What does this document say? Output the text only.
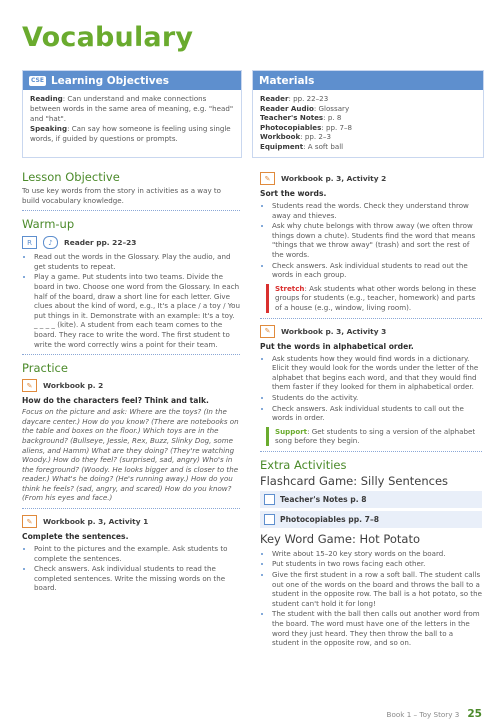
Vocabulary
CSE Learning Objectives
Reading: Can understand and make connections between words in the same area of meaning, e.g. "head" and "hat".
Speaking: Can say how someone is feeling using single words, if guided by questions or prompts.
Materials
Reader: pp. 22–23
Reader Audio: Glossary
Teacher's Notes: p. 8
Photocopiables: pp. 7–8
Workbook: pp. 2–3
Equipment: A soft ball
Lesson Objective
To use key words from the story in activities as a way to build vocabulary knowledge.
Warm-up
R	♪	Reader pp. 22–23
• Read out the words in the Glossary. Play the audio, and get students to repeat.
• Play a game. Put students into two teams. Divide the board in two. Choose one word from the Glossary. In each half of the board, draw a short line for each letter. Give clues about the kind of word, e.g., It's a place / a toy / You put things in it. Demonstrate with an example: It's a toy. _ _ _ _ (kite). A student from each team comes to the board. They race to write the word. The first student to write the word correctly wins a point for their team.
Practice
✎	Workbook p. 2
How do the characters feel? Think and talk.
Focus on the picture and ask: Where are the toys? (In the daycare center.) How do you know? (There are notebooks on the table and boxes on the floor.) Which toys are in the background? (Bullseye, Jessie, Rex, Buzz, Slinky Dog, some aliens, and Hamm) What are they doing? (They're watching Woody.) How do they feel? (surprised, sad, angry) Who's in the foreground? (Woody. He looks bigger and is closer to the reader.) What's he doing? (He's running away.) How do you think he feels? (sad, angry, and scared) How do you know? (From his eyes and face.)
✎	Workbook p. 3, Activity 1
Complete the sentences.
• Point to the pictures and the example. Ask students to complete the sentences.
• Check answers. Ask individual students to read the completed sentences. Write the missing words on the board.
✎	Workbook p. 3, Activity 2
Sort the words.
• Students read the words. Check they understand throw away and thieves.
• Ask why chute belongs with throw away (we often throw things down a chute). Students find the word that means "things that we throw away" (trash) and sort the rest of the words.
• Check answers. Ask individual students to read out the words in each group.
Stretch: Ask students what other words belong in these groups for students (e.g., teacher, homework) and parts of a house (e.g., window, living room).
✎	Workbook p. 3, Activity 3
Put the words in alphabetical order.
• Ask students how they would find words in a dictionary. Elicit they would look for the words under the letter of the alphabet that begins each word, and that they would find them faster if they looked for them in alphabetical order.
• Students do the activity.
• Check answers. Ask individual students to call out the words in order.
Support: Get students to sing a version of the alphabet song before they begin.
Extra Activities
Flashcard Game: Silly Sentences
Teacher's Notes p. 8
Photocopiables pp. 7–8
Key Word Game: Hot Potato
• Write about 15–20 key story words on the board.
• Put students in two rows facing each other.
• Give the first student in a row a soft ball. The student calls out one of the words on the board and throws the ball to a student in the opposite row. The ball is a hot potato, so the student can't hold it for long!
• The student with the ball then calls out another word from the board. The word must have one of the letters in the word they just heard. They then throw the ball to a student in the opposite row, and so on.
Book 1 – Toy Story 3 25
